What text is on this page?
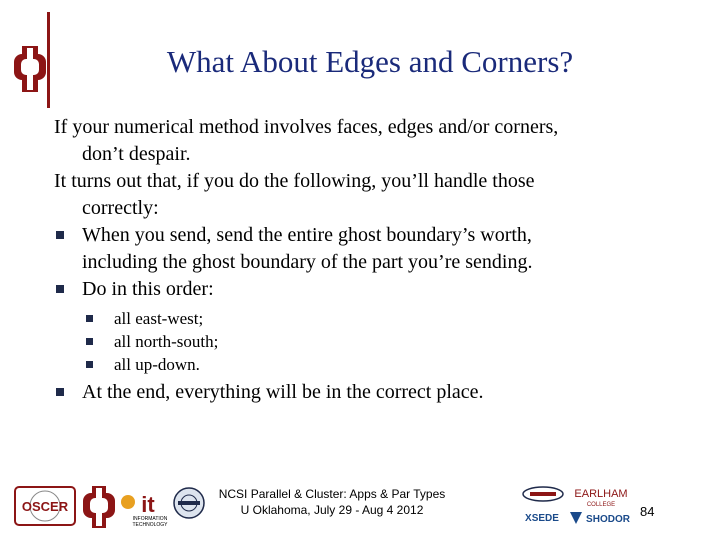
What About Edges and Corners?

If your numerical method involves faces, edges and/or corners,
don’t despair.

It turns out that, if you do the following, you’ll handle those
correctly:

When you send, send the entire ghost boundary’s worth,
including the ghost boundary of the part you’re sending.
Do in this order:
all east-west;
all north-south;
all up-down.
At the end, everything will be in the correct place.
OSCER	it
INFORMATION
TECHNOLOGY
NCSI Parallel & Cluster: Apps & Par Types
U Oklahoma, July 29 - Aug 4 2012
XSEDE
EARLHAM
COLLEGE
SHODOR
84
